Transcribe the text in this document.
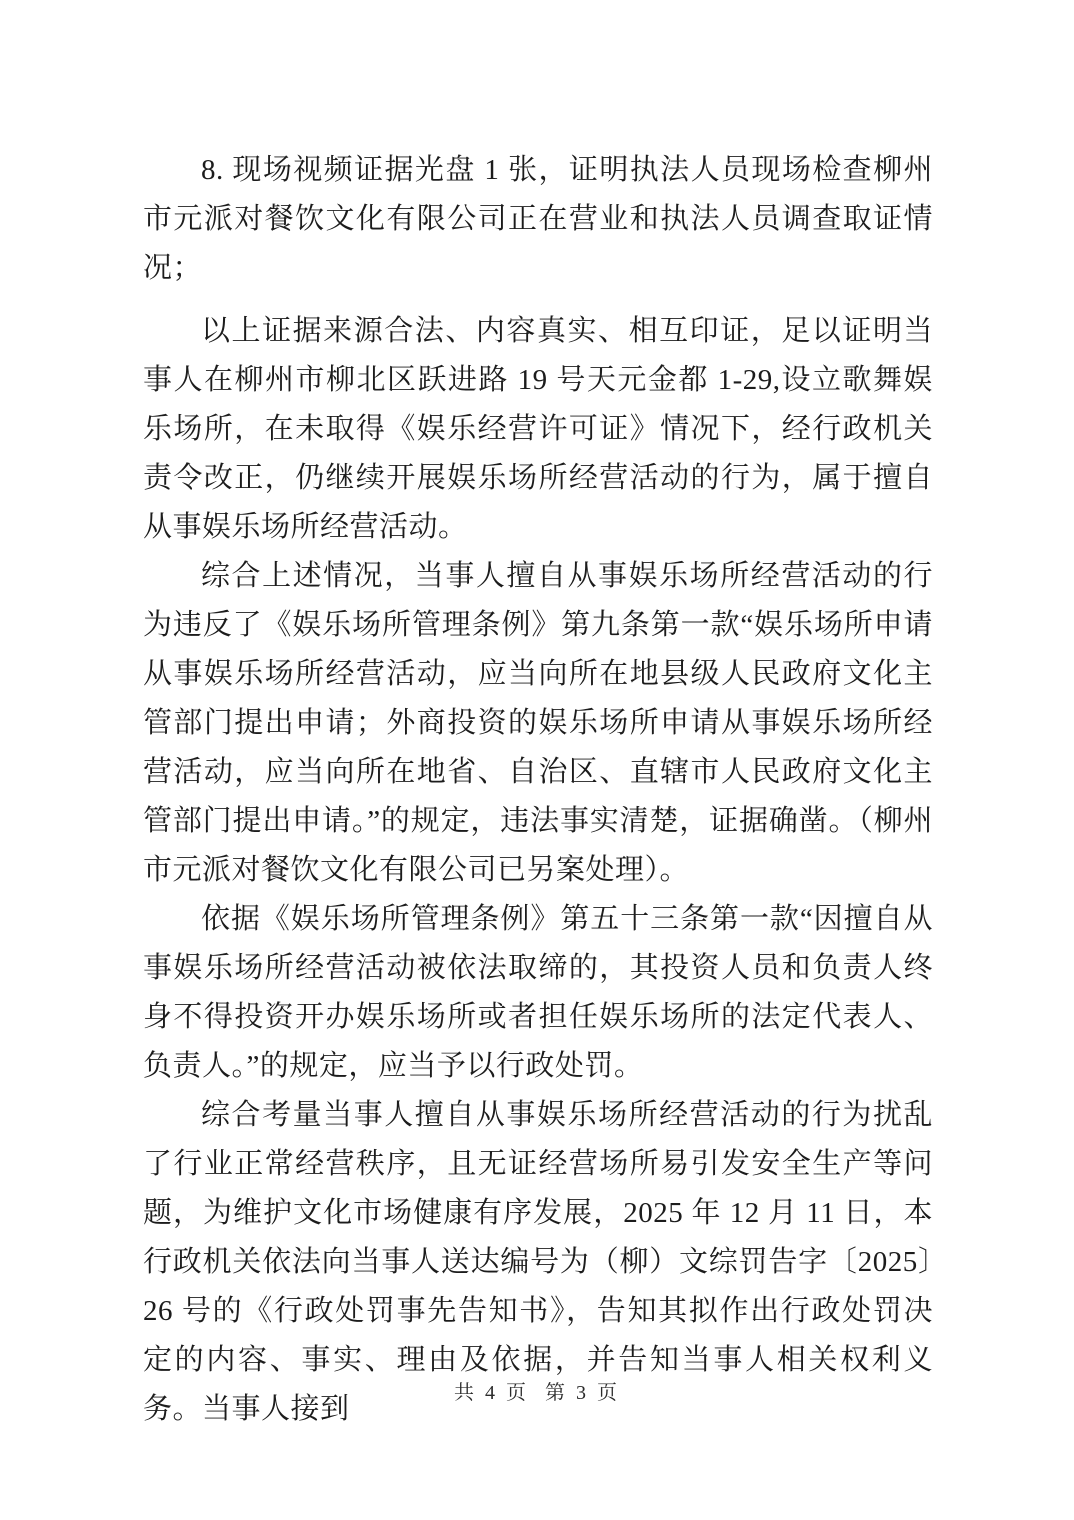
8. 现场视频证据光盘 1 张，证明执法人员现场检查柳州市元派对餐饮文化有限公司正在营业和执法人员调查取证情况；

以上证据来源合法、内容真实、相互印证，足以证明当事人在柳州市柳北区跃进路 19 号天元金都 1-29,设立歌舞娱乐场所，在未取得《娱乐经营许可证》情况下，经行政机关责令改正，仍继续开展娱乐场所经营活动的行为，属于擅自从事娱乐场所经营活动。

综合上述情况，当事人擅自从事娱乐场所经营活动的行为违反了《娱乐场所管理条例》第九条第一款“娱乐场所申请从事娱乐场所经营活动，应当向所在地县级人民政府文化主管部门提出申请；外商投资的娱乐场所申请从事娱乐场所经营活动，应当向所在地省、自治区、直辖市人民政府文化主管部门提出申请。”的规定，违法事实清楚，证据确凿。（柳州市元派对餐饮文化有限公司已另案处理）。

依据《娱乐场所管理条例》第五十三条第一款“因擅自从事娱乐场所经营活动被依法取缔的，其投资人员和负责人终身不得投资开办娱乐场所或者担任娱乐场所的法定代表人、负责人。”的规定，应当予以行政处罚。

综合考量当事人擅自从事娱乐场所经营活动的行为扰乱了行业正常经营秩序，且无证经营场所易引发安全生产等问题，为维护文化市场健康有序发展，2025 年 12 月 11 日，本行政机关依法向当事人送达编号为（柳）文综罚告字〔2025〕26 号的《行政处罚事先告知书》，告知其拟作出行政处罚决定的内容、事实、理由及依据，并告知当事人相关权利义务。当事人接到	共 4 页 第 3 页
